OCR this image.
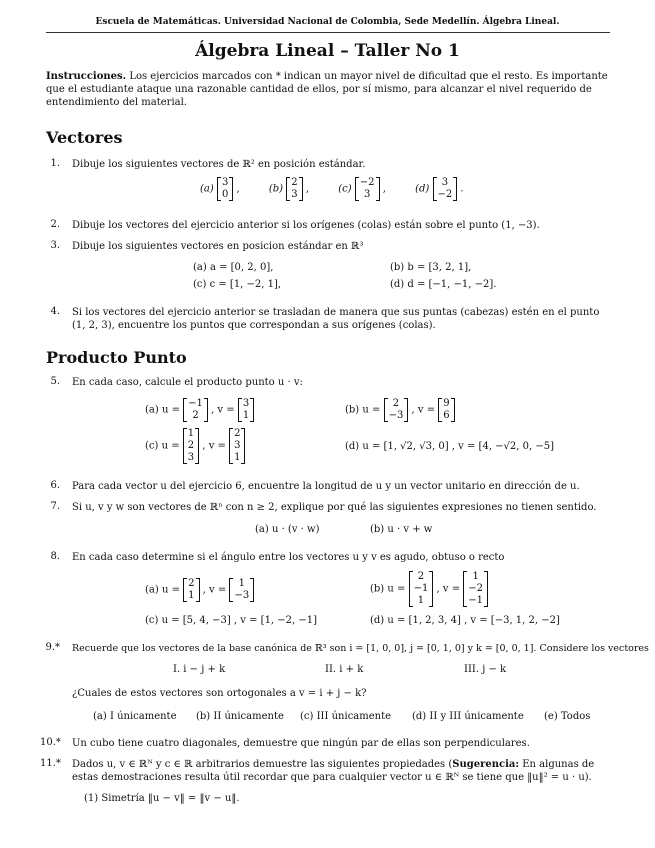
Escuela de Matemáticas. Universidad Nacional de Colombia, Sede Medellín. Álgebra Lineal.
Álgebra Lineal – Taller No 1
Instrucciones. Los ejercicios marcados con * indican un mayor nivel de dificultad que el resto. Es importante que el estudiante ataque una razonable cantidad de ellos, por sí mismo, para alcanzar el nivel requerido de entendimiento del material.
Vectores
1. Dibuje los siguientes vectores de ℝ² en posición estándar.
(a)
3
0 ,	(b)
2
3 ,	(c)
−2
3 ,	(d)
3
−2 .
2. Dibuje los vectores del ejercicio anterior si los orígenes (colas) están sobre el punto (1, −3).
3. Dibuje los siguientes vectores en posicion estándar en ℝ³
(a) a = [0, 2, 0],	(b) b = [3, 2, 1],
(c) c = [1, −2, 1],	(d) d = [−1, −1, −2].
4. Si los vectores del ejercicio anterior se trasladan de manera que sus puntas (cabezas) estén en el punto (1, 2, 3), encuentre los puntos que correspondan a sus orígenes (colas).
Producto Punto
5. En cada caso, calcule el producto punto u · v:
(a) u =
−1
2 , v =
3
1	(b) u =
2
−3 , v =
9
6
(c) u =
1
2
3
, v =
2
3
1
(d) u = [1, √2, √3, 0] , v = [4, −√2, 0, −5]
6. Para cada vector u del ejercicio 6, encuentre la longitud de u y un vector unitario en dirección de u.
7. Si u, v y w son vectores de ℝⁿ con n ≥ 2, explique por qué las siguientes expresiones no tienen sentido.
(a) u · (v · w)	(b) u · v + w
8. En cada caso determine si el ángulo entre los vectores u y v es agudo, obtuso o recto
(a) u =
2
1 , v =
1
−3
(b) u =
2
−1
1
, v =
1
−2
−1
(c) u = [5, 4, −3] , v = [1, −2, −1]	(d) u = [1, 2, 3, 4] , v = [−3, 1, 2, −2]
9.* Recuerde que los vectores de la base canónica de ℝ³ son i = [1, 0, 0], j = [0, 1, 0] y k = [0, 0, 1]. Considere los vectores
I. i − j + k	II. i + k	III. j − k
¿Cuales de estos vectores son ortogonales a v = i + j − k?
(a) I únicamente (b) II únicamente (c) III únicamente (d) II y III únicamente (e) Todos
10.* Un cubo tiene cuatro diagonales, demuestre que ningún par de ellas son perpendiculares.
11.* Dados u, v ∈ ℝᴺ y c ∈ ℝ arbitrarios demuestre las siguientes propiedades (Sugerencia: En algunas de estas demostraciones resulta útil recordar que para cualquier vector u ∈ ℝᴺ se tiene que ‖u‖² = u · u).
(1) Simetría ‖u − v‖ = ‖v − u‖.
